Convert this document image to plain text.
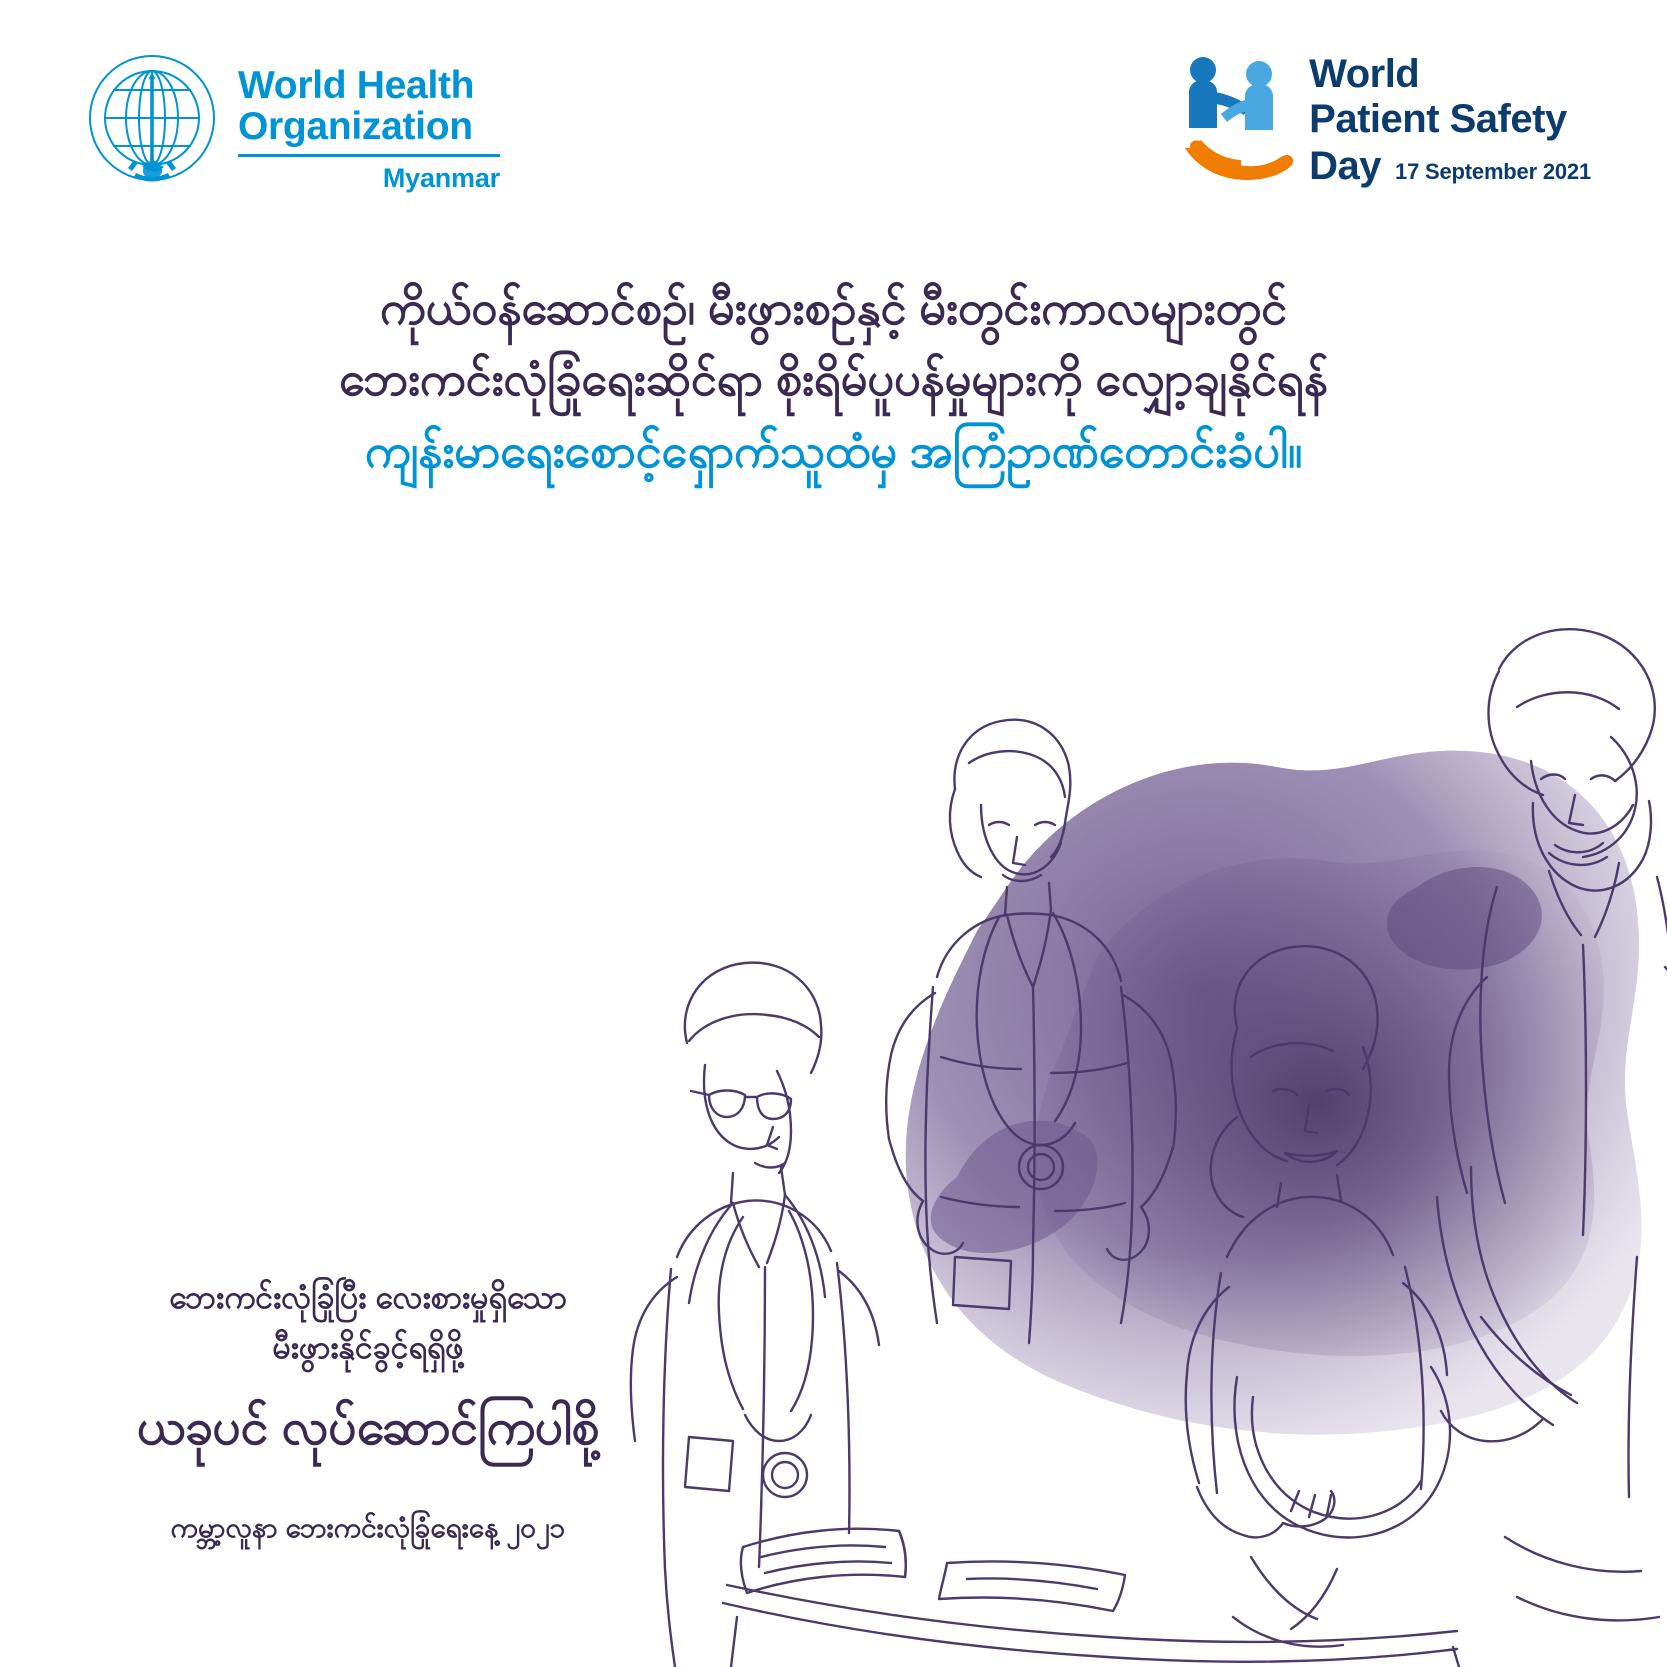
World Health
Organization
Myanmar
World
Patient Safety
Day 17 September 2021
ကိုယ်ဝန်ဆောင်စဉ်၊ မီးဖွားစဉ်နှင့် မီးတွင်းကာလများတွင်
ဘေးကင်းလုံခြုံရေးဆိုင်ရာ စိုးရိမ်ပူပန်မှုများကို လျှော့ချနိုင်ရန်
ကျန်းမာရေးစောင့်ရှောက်သူထံမှ အကြံဥာဏ်တောင်းခံပါ။
ဘေးကင်းလုံခြုံပြီး လေးစားမှုရှိသော
မီးဖွားနိုင်ခွင့်ရရှိဖို့
ယခုပင် လုပ်ဆောင်ကြပါစို့
ကမ္ဘာ့လူနာ ဘေးကင်းလုံခြုံရေးနေ့ ၂၀၂၁
